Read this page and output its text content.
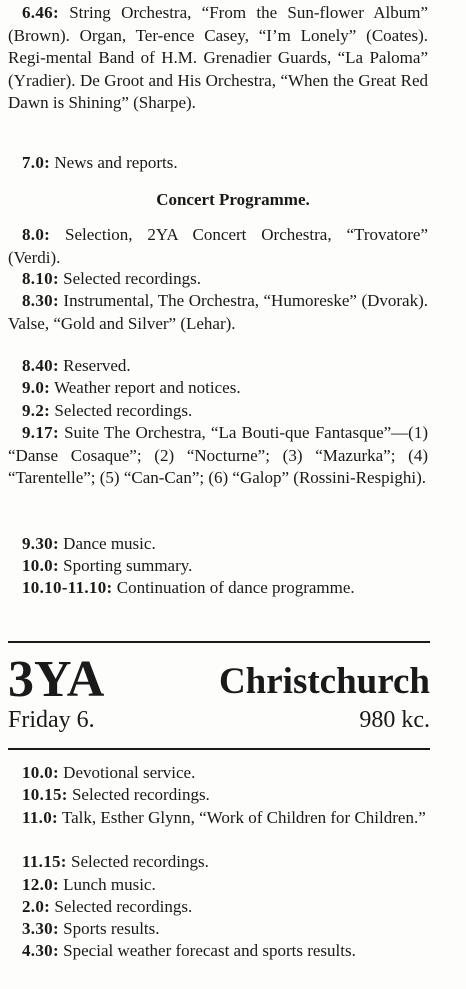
6.46: String Orchestra, “From the Sun-flower Album” (Brown). Organ, Ter-ence Casey, “I’m Lonely” (Coates). Regi-mental Band of H.M. Grenadier Guards, “La Paloma” (Yradier). De Groot and His Orchestra, “When the Great Red Dawn is Shining” (Sharpe).

7.0: News and reports.

Concert Programme.

8.0: Selection, 2YA Concert Orchestra, “Trovatore” (Verdi).

8.10: Selected recordings.

8.30: Instrumental, The Orchestra, “Humoreske” (Dvorak). Valse, “Gold and Silver” (Lehar).

8.40: Reserved.

9.0: Weather report and notices.

9.2: Selected recordings.

9.17: Suite The Orchestra, “La Bouti-que Fantasque”—(1) “Danse Cosaque”; (2) “Nocturne”; (3) “Mazurka”; (4) “Tarentelle”; (5) “Can-Can”; (6) “Galop” (Rossini-Respighi).

9.30: Dance music.

10.0: Sporting summary.

10.10-11.10: Continuation of dance programme.

3YA	Christchurch
Friday 6.	980 kc.

10.0: Devotional service.

10.15: Selected recordings.

11.0: Talk, Esther Glynn, “Work of Children for Children.”

11.15: Selected recordings.

12.0: Lunch music.

2.0: Selected recordings.

3.30: Sports results.

4.30: Special weather forecast and sports results.
